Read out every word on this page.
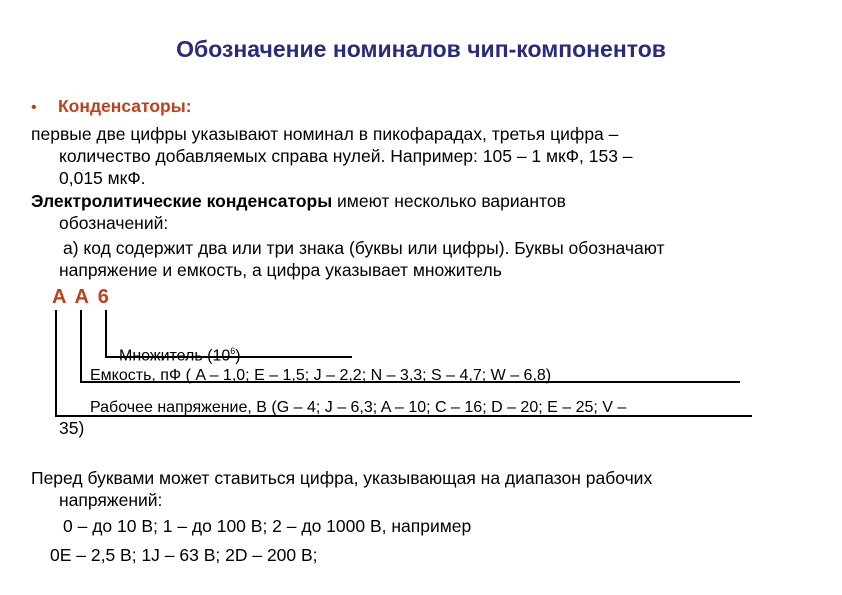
Обозначение номиналов чип-компонентов
• Конденсаторы:
первые две цифры указывают номинал в пикофарадах, третья цифра –
количество добавляемых справа нулей. Например: 105 – 1 мкФ, 153 –
0,015 мкФ.
Электролитические конденсаторы имеют несколько вариантов
обозначений:
а) код содержит два или три знака (буквы или цифры). Буквы обозначают
напряжение и емкость, а цифра указывает множитель
A A 6
Множитель $(10^6)$
Емкость, пФ ( A – 1,0; E – 1,5; J – 2,2; N – 3,3; S – 4,7; W – 6,8)
Рабочее напряжение, В (G – 4; J – 6,3; A – 10; C – 16; D – 20; E – 25; V –
35)
Перед буквами может ставиться цифра, указывающая на диапазон рабочих
напряжений:
0 – до 10 В; 1 – до 100 В; 2 – до 1000 В, например
0E – 2,5 В; 1J – 63 В; 2D – 200 В;
